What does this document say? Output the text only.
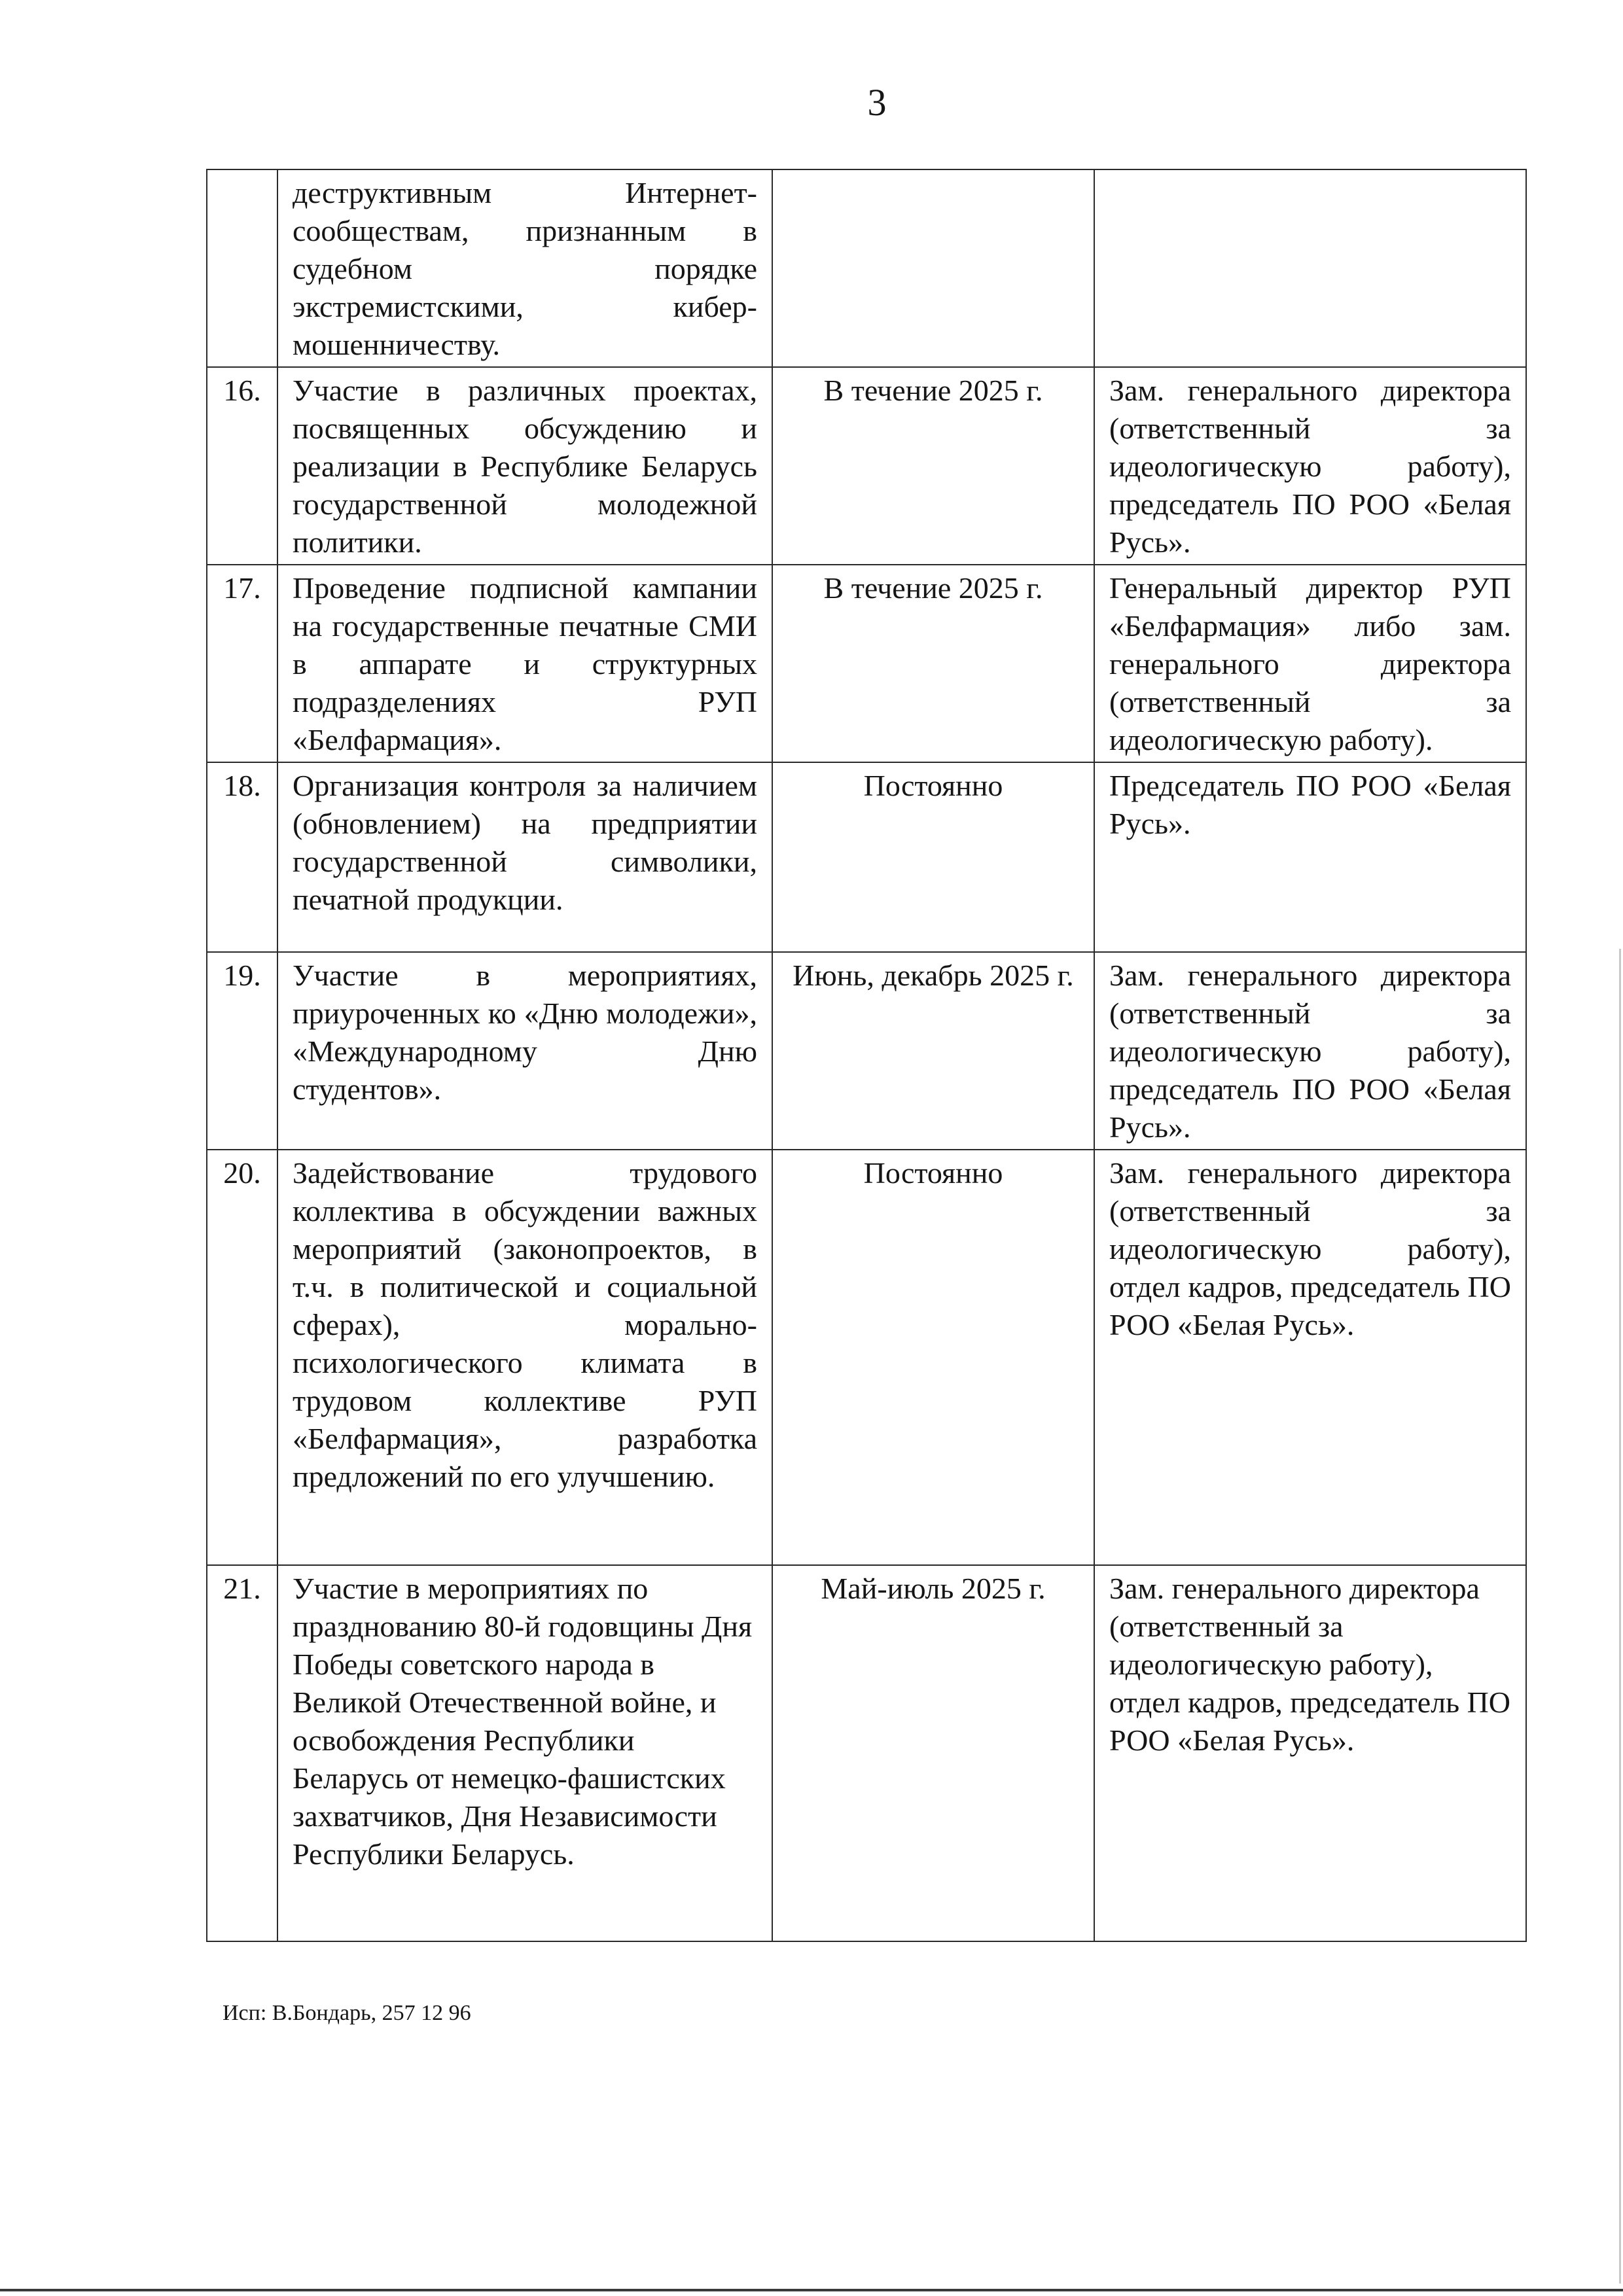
3
	деструктивным Интернет-сообществам, признанным в судебном порядке экстремистскими, кибер-мошенничеству.		
16.	Участие в различных проектах, посвященных обсуждению и реализации в Республике Беларусь государственной молодежной политики.	В течение 2025 г.	Зам. генерального директора (ответственный за идеологическую работу), председатель ПО РОО «Белая Русь».
17.	Проведение подписной кампании на государственные печатные СМИ в аппарате и структурных подразделениях РУП «Белфармация».	В течение 2025 г.	Генеральный директор РУП «Белфармация» либо зам. генерального директора (ответственный за идеологическую работу).
18.	Организация контроля за наличием (обновлением) на предприятии государственной символики, печатной продукции.	Постоянно	Председатель ПО РОО «Белая Русь».
19.	Участие в мероприятиях, приуроченных ко «Дню молодежи», «Международному Дню студентов».	Июнь, декабрь 2025 г.	Зам. генерального директора (ответственный за идеологическую работу), председатель ПО РОО «Белая Русь».
20.	Задействование трудового коллектива в обсуждении важных мероприятий (законопроектов, в т.ч. в политической и социальной сферах), морально-психологического климата в трудовом коллективе РУП «Белфармация», разработка предложений по его улучшению.	Постоянно	Зам. генерального директора (ответственный за идеологическую работу), отдел кадров, председатель ПО РОО «Белая Русь».
21.	Участие в мероприятиях по празднованию 80-й годовщины Дня Победы советского народа в Великой Отечественной войне, и освобождения Республики Беларусь от немецко-фашистских захватчиков, Дня Независимости Республики Беларусь.	Май-июль 2025 г.	Зам. генерального директора (ответственный за идеологическую работу), отдел кадров, председатель ПО РОО «Белая Русь».
Исп: В.Бондарь, 257 12 96
